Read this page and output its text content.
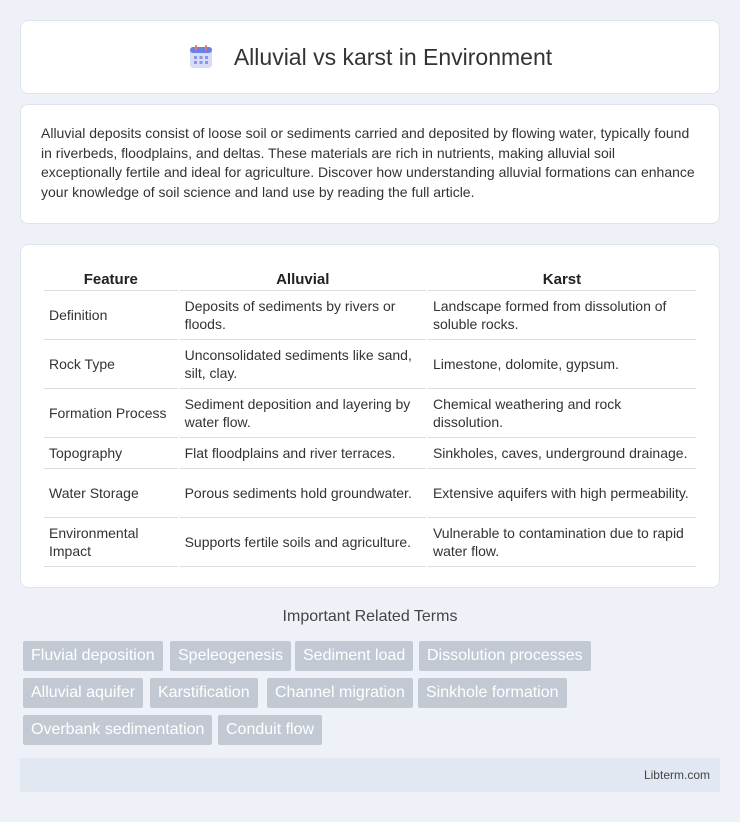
Alluvial vs karst in Environment

Alluvial deposits consist of loose soil or sediments carried and deposited by flowing water, typically found in riverbeds, floodplains, and deltas. These materials are rich in nutrients, making alluvial soil exceptionally fertile and ideal for agriculture. Discover how understanding alluvial formations can enhance your knowledge of soil science and land use by reading the full article.

Feature	Alluvial	Karst
Definition	Deposits of sediments by rivers or floods.	Landscape formed from dissolution of soluble rocks.
Rock Type	Unconsolidated sediments like sand, silt, clay.	Limestone, dolomite, gypsum.
Formation Process	Sediment deposition and layering by water flow.	Chemical weathering and rock dissolution.
Topography	Flat floodplains and river terraces.	Sinkholes, caves, underground drainage.
Water Storage	Porous sediments hold groundwater.	Extensive aquifers with high permeability.
Environmental Impact	Supports fertile soils and agriculture.	Vulnerable to contamination due to rapid water flow.
Important Related Terms
Fluvial deposition	Speleogenesis	Sediment load	Dissolution processes
Alluvial aquifer	Karstification	Channel migration	Sinkhole formation
Overbank sedimentation	Conduit flow
Libterm.com
